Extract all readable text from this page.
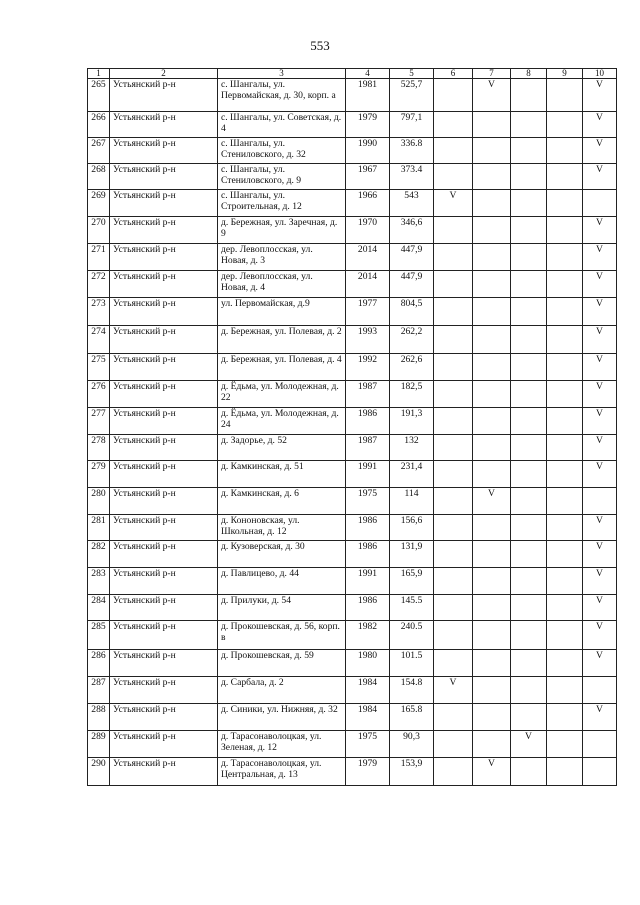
553
1	2	3	4	5	6	7	8	9	10
265	Устьянский р-н	с. Шангалы, ул. Первомайская, д. 30, корп. а	1981	525,7		V			V
266	Устьянский р-н	с. Шангалы, ул. Советская, д. 4	1979	797,1					V
267	Устьянский р-н	с. Шангалы, ул. Стениловского, д. 32	1990	336.8					V
268	Устьянский р-н	с. Шангалы, ул. Стениловского, д. 9	1967	373.4					V
269	Устьянский р-н	с. Шангалы, ул. Строительная, д. 12	1966	543	V				
270	Устьянский р-н	д. Бережная, ул. Заречная, д. 9	1970	346,6					V
271	Устьянский р-н	дер. Левоплосская, ул. Новая, д. 3	2014	447,9					V
272	Устьянский р-н	дер. Левоплосская, ул. Новая, д. 4	2014	447,9					V
273	Устьянский р-н	ул. Первомайская, д.9	1977	804,5					V
274	Устьянский р-н	д. Бережная, ул. Полевая, д. 2	1993	262,2					V
275	Устьянский р-н	д. Бережная, ул. Полевая, д. 4	1992	262,6					V
276	Устьянский р-н	д. Ёдьма, ул. Молодежная, д. 22	1987	182,5					V
277	Устьянский р-н	д. Ёдьма, ул. Молодежная, д. 24	1986	191,3					V
278	Устьянский р-н	д. Задорье, д. 52	1987	132					V
279	Устьянский р-н	д. Камкинская, д. 51	1991	231,4					V
280	Устьянский р-н	д. Камкинская, д. 6	1975	114		V			
281	Устьянский р-н	д. Кононовская, ул. Школьная, д. 12	1986	156,6					V
282	Устьянский р-н	д. Кузоверская, д. 30	1986	131,9					V
283	Устьянский р-н	д. Павлицево, д. 44	1991	165,9					V
284	Устьянский р-н	д. Прилуки, д. 54	1986	145.5					V
285	Устьянский р-н	д. Прокошевская, д. 56, корп. в	1982	240.5					V
286	Устьянский р-н	д. Прокошевская, д. 59	1980	101.5					V
287	Устьянский р-н	д. Сарбала, д. 2	1984	154.8	V				
288	Устьянский р-н	д. Синики, ул. Нижняя, д. 32	1984	165.8					V
289	Устьянский р-н	д. Тарасонаволоцкая, ул. Зеленая, д. 12	1975	90,3			V		
290	Устьянский р-н	д. Тарасонаволоцкая, ул. Центральная, д. 13	1979	153,9		V			
